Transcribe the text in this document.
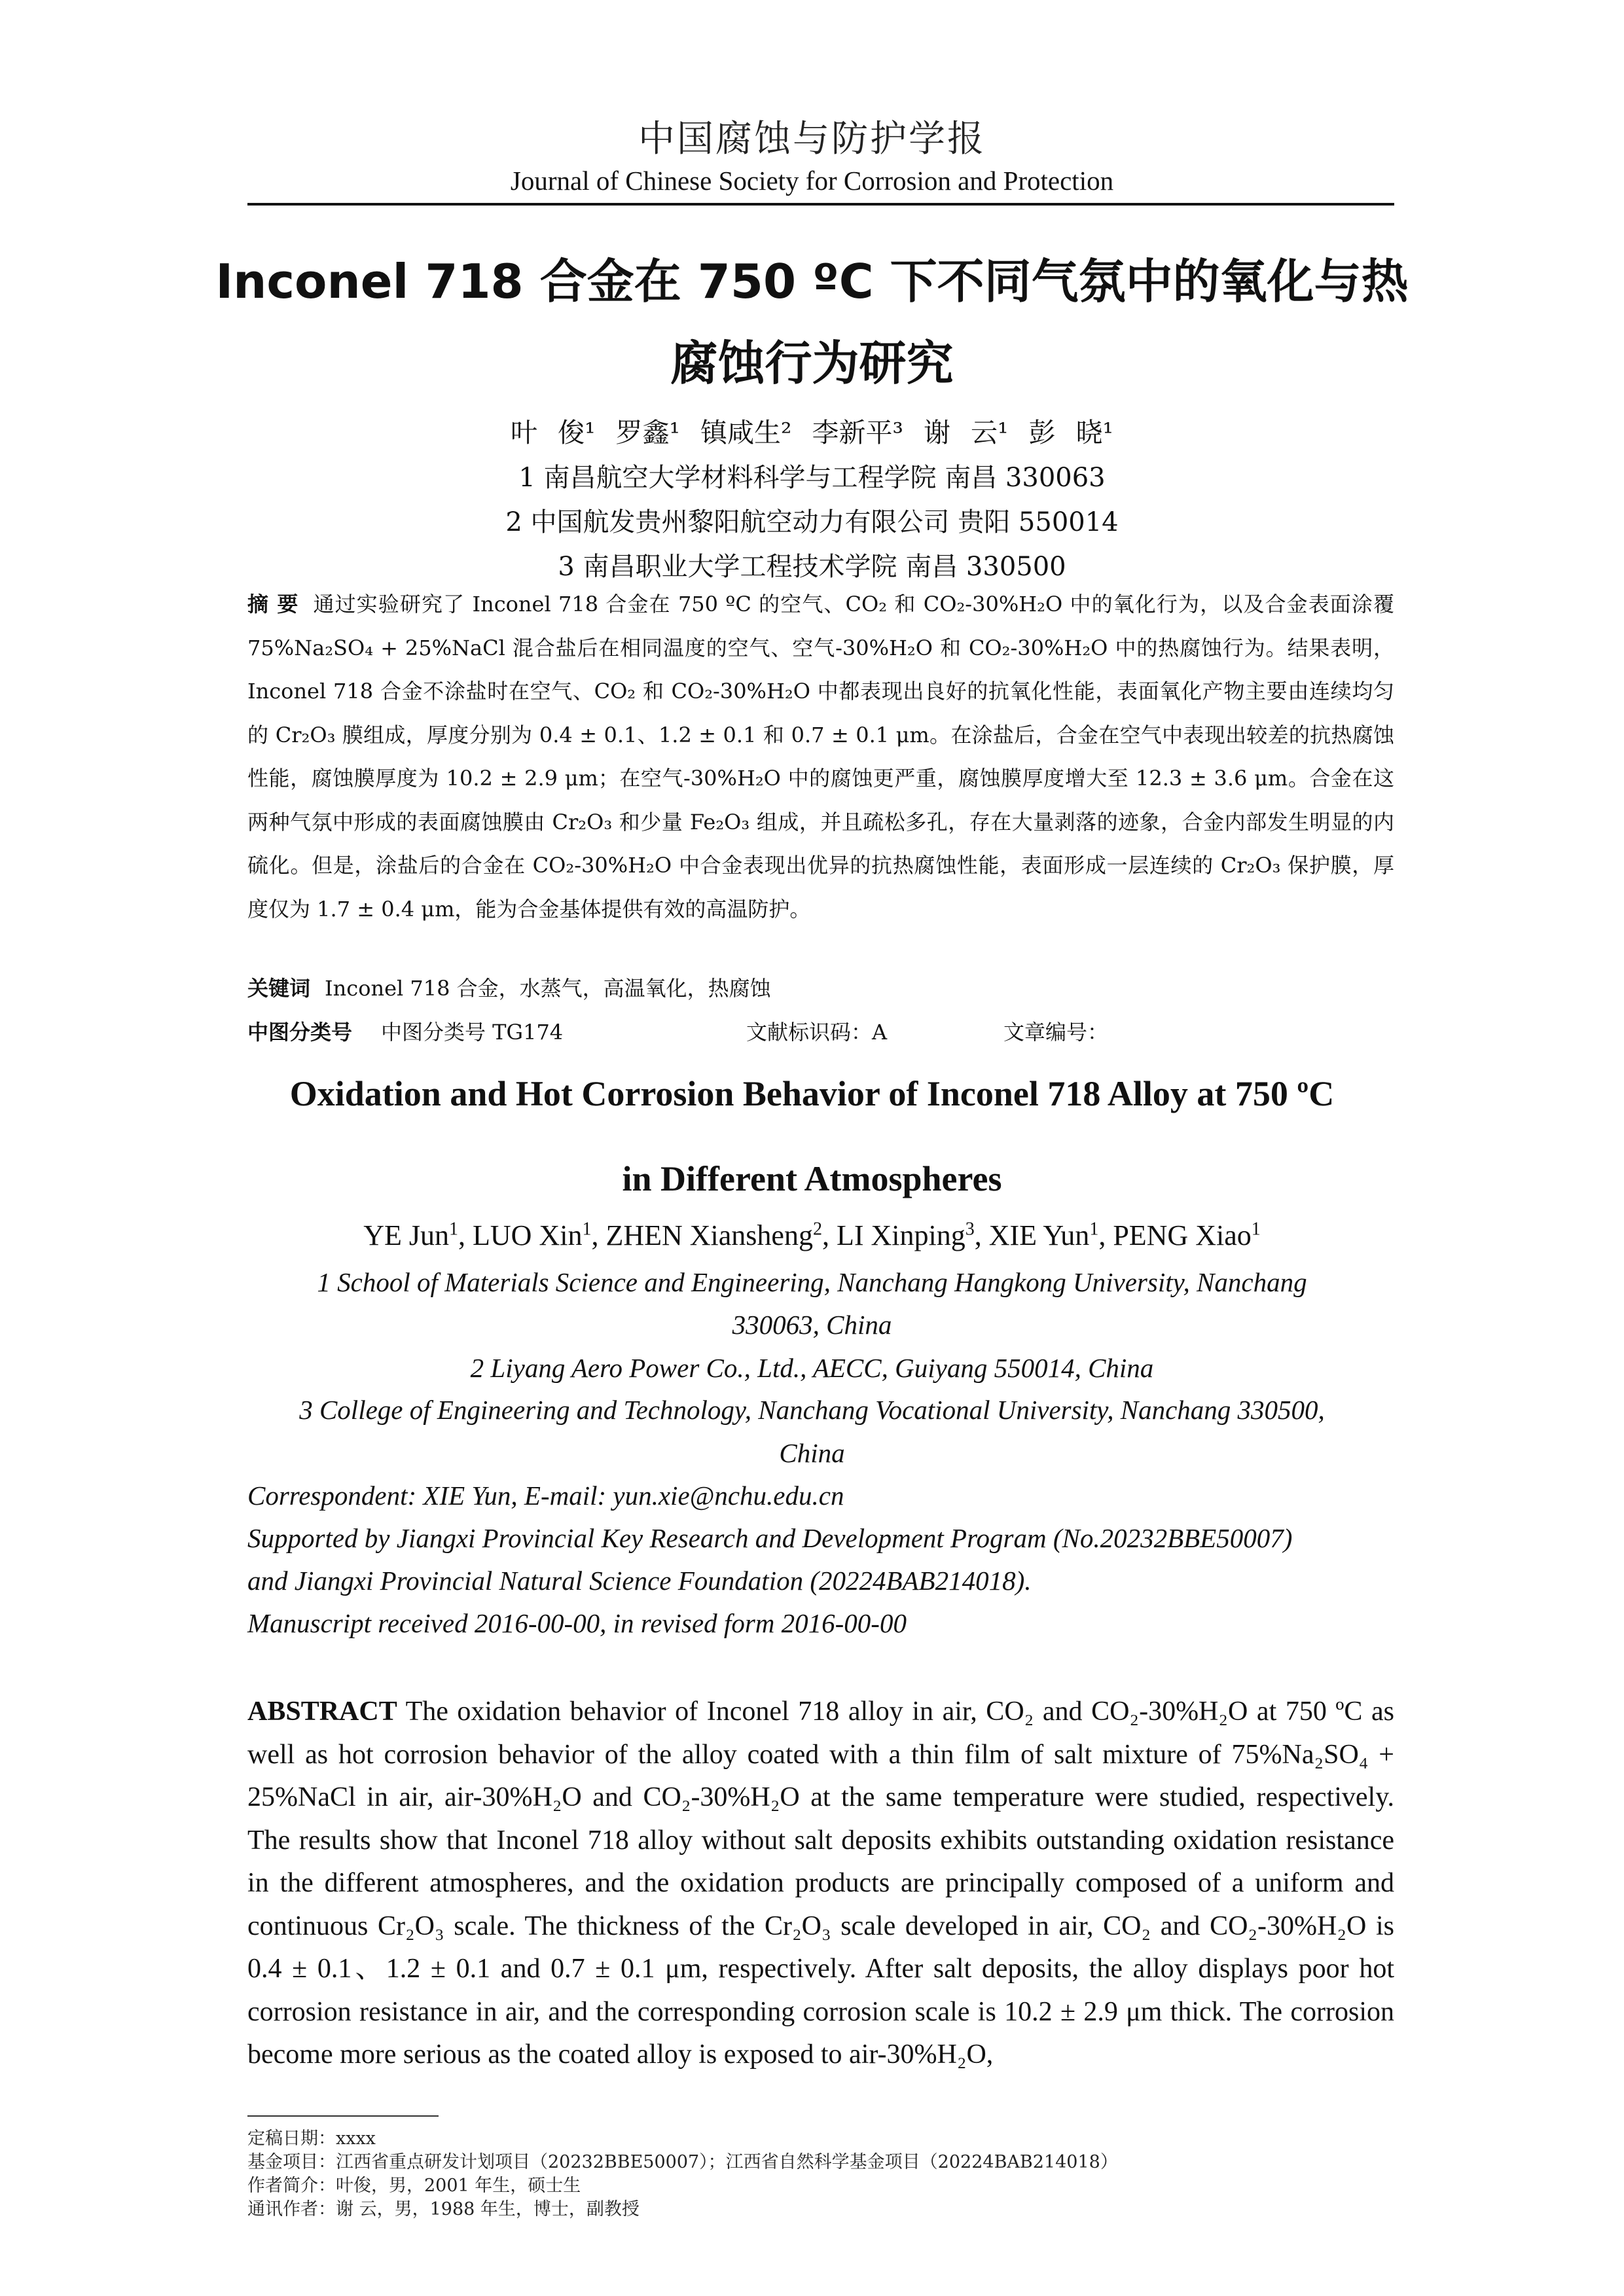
中国腐蚀与防护学报
Journal of Chinese Society for Corrosion and Protection
Inconel 718 合金在 750 ºC 下不同气氛中的氧化与热
腐蚀行为研究
叶 俊¹ 罗鑫¹ 镇咸生² 李新平³ 谢 云¹ 彭 晓¹
1 南昌航空大学材料科学与工程学院 南昌 330063
2 中国航发贵州黎阳航空动力有限公司 贵阳 550014
3 南昌职业大学工程技术学院 南昌 330500
摘 要 通过实验研究了 Inconel 718 合金在 750 ºC 的空气、CO₂ 和 CO₂-30%H₂O 中的氧化行为，以及合金表面涂覆 75%Na₂SO₄ + 25%NaCl 混合盐后在相同温度的空气、空气-30%H₂O 和 CO₂-30%H₂O 中的热腐蚀行为。结果表明，Inconel 718 合金不涂盐时在空气、CO₂ 和 CO₂-30%H₂O 中都表现出良好的抗氧化性能，表面氧化产物主要由连续均匀的 Cr₂O₃ 膜组成，厚度分别为 0.4 ± 0.1、1.2 ± 0.1 和 0.7 ± 0.1 μm。在涂盐后，合金在空气中表现出较差的抗热腐蚀性能，腐蚀膜厚度为 10.2 ± 2.9 μm；在空气-30%H₂O 中的腐蚀更严重，腐蚀膜厚度增大至 12.3 ± 3.6 μm。合金在这两种气氛中形成的表面腐蚀膜由 Cr₂O₃ 和少量 Fe₂O₃ 组成，并且疏松多孔，存在大量剥落的迹象，合金内部发生明显的内硫化。但是，涂盐后的合金在 CO₂-30%H₂O 中合金表现出优异的抗热腐蚀性能，表面形成一层连续的 Cr₂O₃ 保护膜，厚度仅为 1.7 ± 0.4 μm，能为合金基体提供有效的高温防护。
关键词 Inconel 718 合金，水蒸气，高温氧化，热腐蚀
中图分类号 中图分类号 TG174	文献标识码：A	文章编号：
Oxidation and Hot Corrosion Behavior of Inconel 718 Alloy at 750 ºC
in Different Atmospheres
YE Jun$^1$, LUO Xin$^1$, ZHEN Xiansheng$^2$, LI Xinping$^3$, XIE Yun$^1$, PENG Xiao$^1$
1 School of Materials Science and Engineering, Nanchang Hangkong University, Nanchang
330063, China
2 Liyang Aero Power Co., Ltd., AECC, Guiyang 550014, China
3 College of Engineering and Technology, Nanchang Vocational University, Nanchang 330500,
China
Correspondent: XIE Yun, E-mail: yun.xie@nchu.edu.cn
Supported by Jiangxi Provincial Key Research and Development Program (No.20232BBE50007)
and Jiangxi Provincial Natural Science Foundation (20224BAB214018).
Manuscript received 2016-00-00, in revised form 2016-00-00
ABSTRACT The oxidation behavior of Inconel 718 alloy in air, CO₂ and CO₂-30%H₂O at 750 ºC as well as hot corrosion behavior of the alloy coated with a thin film of salt mixture of 75%Na₂SO₄ + 25%NaCl in air, air-30%H₂O and CO₂-30%H₂O at the same temperature were studied, respectively. The results show that Inconel 718 alloy without salt deposits exhibits outstanding oxidation resistance in the different atmospheres, and the oxidation products are principally composed of a uniform and continuous Cr₂O₃ scale. The thickness of the Cr₂O₃ scale developed in air, CO₂ and CO₂-30%H₂O is 0.4 ± 0.1、1.2 ± 0.1 and 0.7 ± 0.1 μm, respectively. After salt deposits, the alloy displays poor hot corrosion resistance in air, and the corresponding corrosion scale is 10.2 ± 2.9 μm thick. The corrosion become more serious as the coated alloy is exposed to air-30%H₂O,
定稿日期：xxxx
基金项目：江西省重点研发计划项目（20232BBE50007）；江西省自然科学基金项目（20224BAB214018）
作者简介：叶俊，男，2001 年生，硕士生
通讯作者：谢 云，男，1988 年生，博士，副教授
